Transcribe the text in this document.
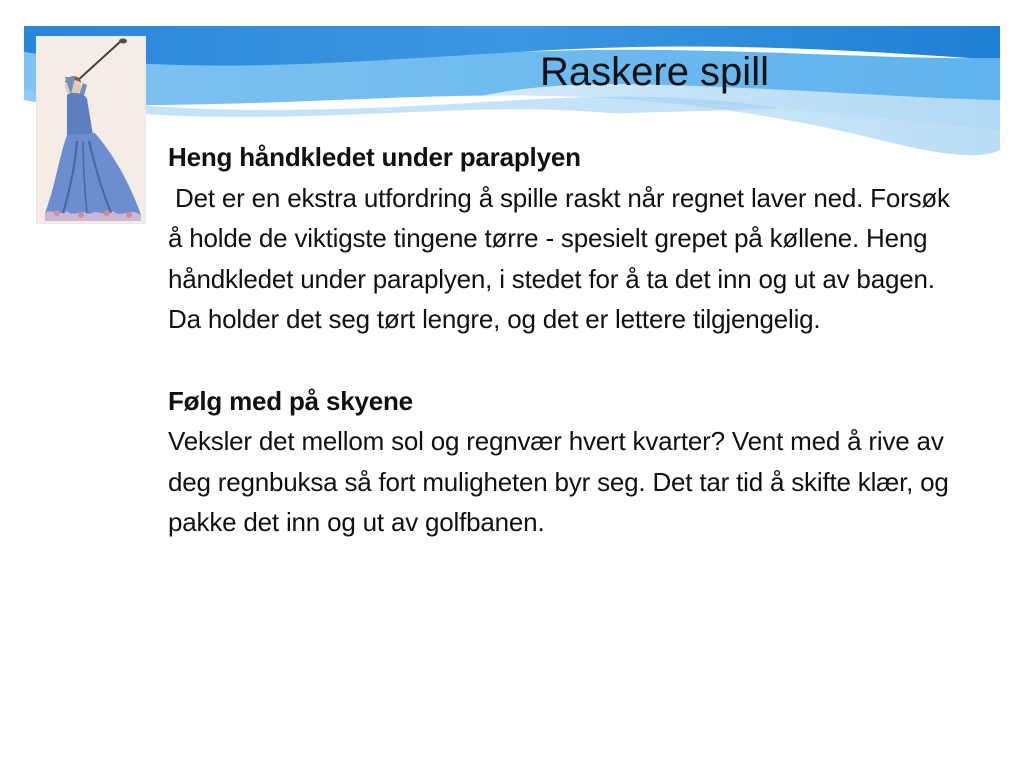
Raskere spill
Heng håndkledet under paraplyen
Det er en ekstra utfordring å spille raskt når regnet laver ned. Forsøk å holde de viktigste tingene tørre - spesielt grepet på køllene. Heng håndkledet under paraplyen, i stedet for å ta det inn og ut av bagen. Da holder det seg tørt lengre, og det er lettere tilgjengelig.
Følg med på skyene
Veksler det mellom sol og regnvær hvert kvarter? Vent med å rive av deg regnbuksa så fort muligheten byr seg. Det tar tid å skifte klær, og pakke det inn og ut av golfbanen.
